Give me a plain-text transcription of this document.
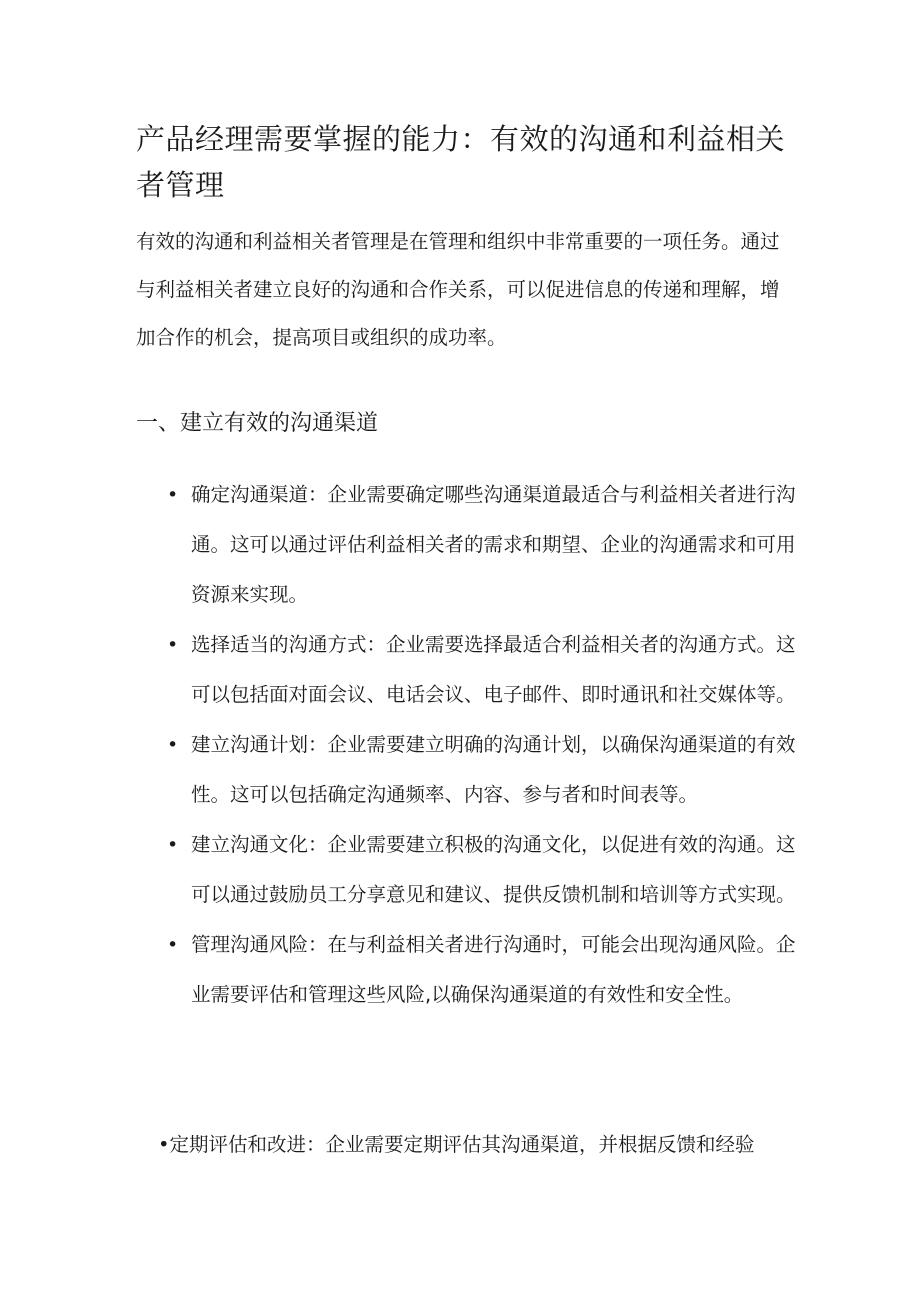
产品经理需要掌握的能力：有效的沟通和利益相关者管理

有效的沟通和利益相关者管理是在管理和组织中非常重要的一项任务。通过与利益相关者建立良好的沟通和合作关系，可以促进信息的传递和理解，增加合作的机会，提高项目或组织的成功率。

一、建立有效的沟通渠道
• 确定沟通渠道：企业需要确定哪些沟通渠道最适合与利益相关者进行沟通。这可以通过评估利益相关者的需求和期望、企业的沟通需求和可用资源来实现。
• 选择适当的沟通方式：企业需要选择最适合利益相关者的沟通方式。这可以包括面对面会议、电话会议、电子邮件、即时通讯和社交媒体等。
• 建立沟通计划：企业需要建立明确的沟通计划，以确保沟通渠道的有效性。这可以包括确定沟通频率、内容、参与者和时间表等。
• 建立沟通文化：企业需要建立积极的沟通文化，以促进有效的沟通。这可以通过鼓励员工分享意见和建议、提供反馈机制和培训等方式实现。
• 管理沟通风险：在与利益相关者进行沟通时，可能会出现沟通风险。企业需要评估和管理这些风险,以确保沟通渠道的有效性和安全性。

•定期评估和改进：企业需要定期评估其沟通渠道，并根据反馈和经验
